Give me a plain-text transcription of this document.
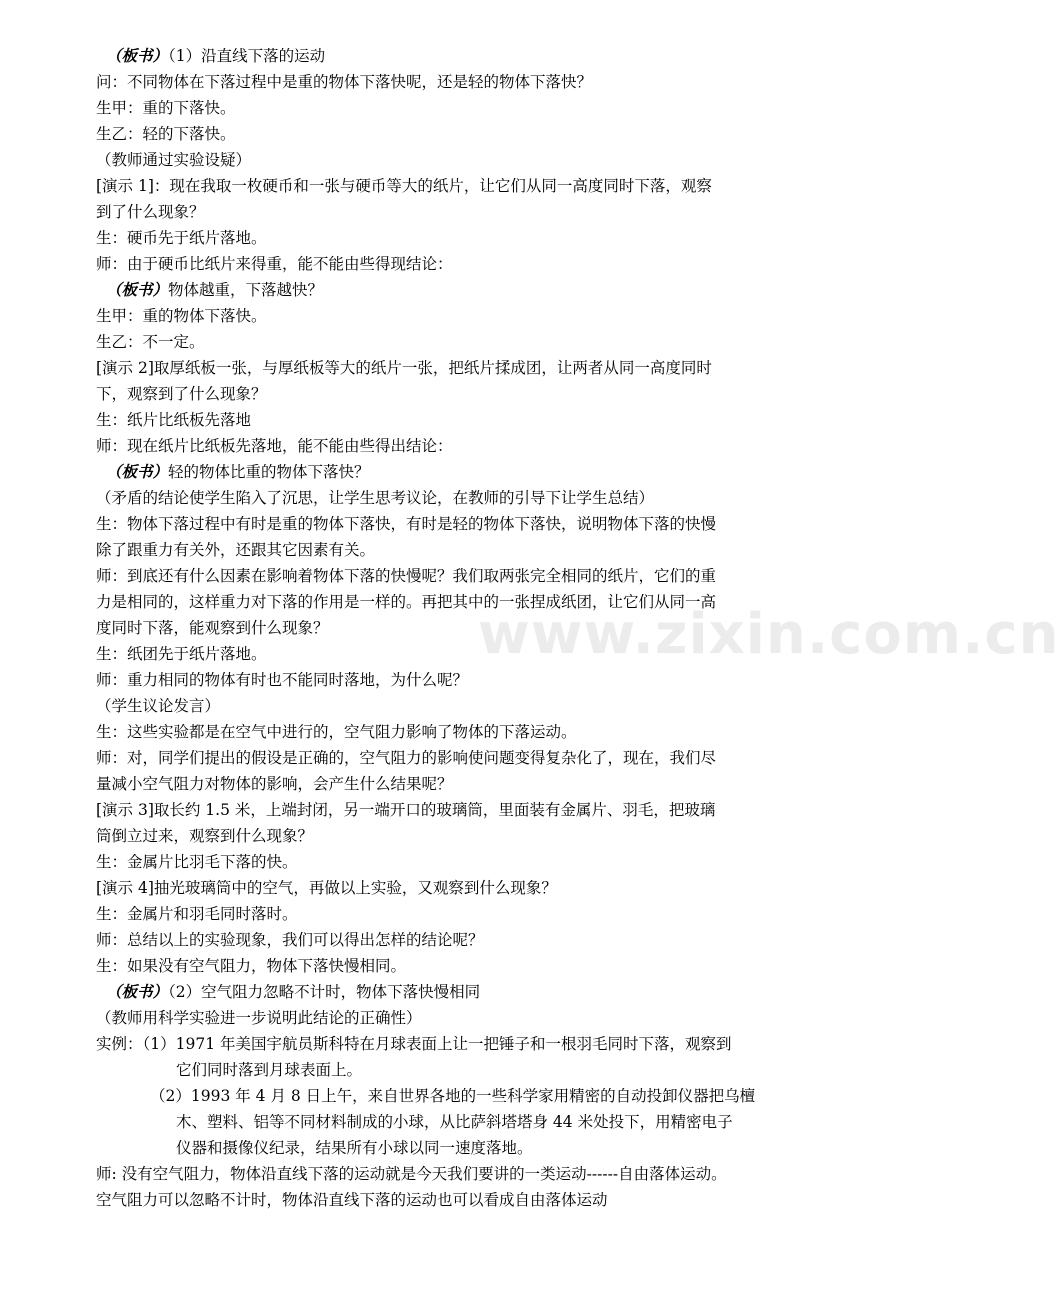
（板书）（1）沿直线下落的运动
问：不同物体在下落过程中是重的物体下落快呢，还是轻的物体下落快？
生甲：重的下落快。
生乙：轻的下落快。
（教师通过实验设疑）
[演示 1]：现在我取一枚硬币和一张与硬币等大的纸片，让它们从同一高度同时下落，观察
到了什么现象？
生：硬币先于纸片落地。
师：由于硬币比纸片来得重，能不能由些得现结论：
（板书）物体越重，下落越快？
生甲：重的物体下落快。
生乙：不一定。
[演示 2]取厚纸板一张，与厚纸板等大的纸片一张，把纸片揉成团，让两者从同一高度同时
下，观察到了什么现象？
生：纸片比纸板先落地
师：现在纸片比纸板先落地，能不能由些得出结论：
（板书）轻的物体比重的物体下落快？
（矛盾的结论使学生陷入了沉思，让学生思考议论，在教师的引导下让学生总结）
生：物体下落过程中有时是重的物体下落快，有时是轻的物体下落快，说明物体下落的快慢
除了跟重力有关外，还跟其它因素有关。
师：到底还有什么因素在影响着物体下落的快慢呢？我们取两张完全相同的纸片，它们的重
力是相同的，这样重力对下落的作用是一样的。再把其中的一张捏成纸团，让它们从同一高
度同时下落，能观察到什么现象？
生：纸团先于纸片落地。
师：重力相同的物体有时也不能同时落地，为什么呢？
（学生议论发言）
生：这些实验都是在空气中进行的，空气阻力影响了物体的下落运动。
师：对，同学们提出的假设是正确的，空气阻力的影响使问题变得复杂化了，现在，我们尽
量减小空气阻力对物体的影响，会产生什么结果呢？
[演示 3]取长约 1.5 米，上端封闭，另一端开口的玻璃筒，里面装有金属片、羽毛，把玻璃
筒倒立过来，观察到什么现象？
生：金属片比羽毛下落的快。
[演示 4]抽光玻璃筒中的空气，再做以上实验，又观察到什么现象？
生：金属片和羽毛同时落时。
师：总结以上的实验现象，我们可以得出怎样的结论呢？
生：如果没有空气阻力，物体下落快慢相同。
（板书）（2）空气阻力忽略不计时，物体下落快慢相同
（教师用科学实验进一步说明此结论的正确性）
实例：（1）1971 年美国宇航员斯科特在月球表面上让一把锤子和一根羽毛同时下落，观察到
它们同时落到月球表面上。
（2）1993 年 4 月 8 日上午，来自世界各地的一些科学家用精密的自动投卸仪器把乌檀
木、塑料、铝等不同材料制成的小球，从比萨斜塔塔身 44 米处投下，用精密电子
仪器和摄像仪纪录，结果所有小球以同一速度落地。
师: 没有空气阻力，物体沿直线下落的运动就是今天我们要讲的一类运动------自由落体运动。
空气阻力可以忽略不计时，物体沿直线下落的运动也可以看成自由落体运动
www.zixin.com.cn
